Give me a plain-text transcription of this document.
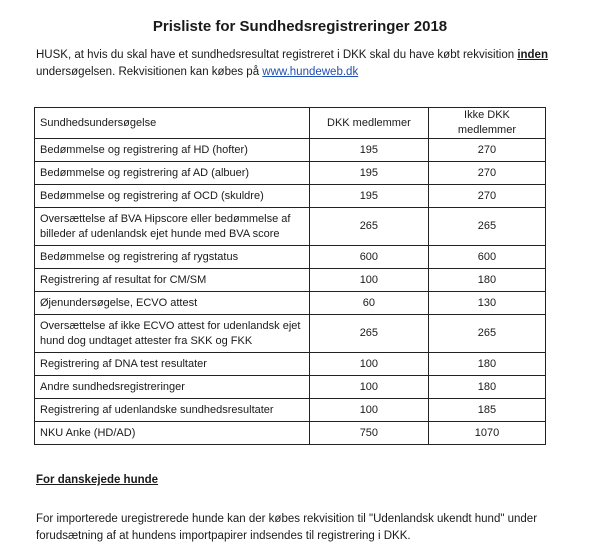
Prisliste for Sundhedsregistreringer 2018
HUSK, at hvis du skal have et sundhedsresultat registreret i DKK skal du have købt rekvisition inden undersøgelsen. Rekvisitionen kan købes på www.hundeweb.dk
Sundhedsundersøgelse	DKK medlemmer	Ikke DKK medlemmer
Bedømmelse og registrering af HD (hofter)	195	270
Bedømmelse og registrering af AD (albuer)	195	270
Bedømmelse og registrering af OCD (skuldre)	195	270
Oversættelse af BVA Hipscore eller bedømmelse af billeder af udenlandsk ejet hunde med BVA score	265	265
Bedømmelse og registrering af rygstatus	600	600
Registrering af resultat for CM/SM	100	180
Øjenundersøgelse, ECVO attest	60	130
Oversættelse af ikke ECVO attest for udenlandsk ejet hund dog undtaget attester fra SKK og FKK	265	265
Registrering af DNA test resultater	100	180
Andre sundhedsregistreringer	100	180
Registrering af udenlandske sundhedsresultater	100	185
NKU Anke (HD/AD)	750	1070
For danskejede hunde
For importerede uregistrerede hunde kan der købes rekvisition til "Udenlandsk ukendt hund" under forudsætning af at hundens importpapirer indsendes til registrering i DKK.
